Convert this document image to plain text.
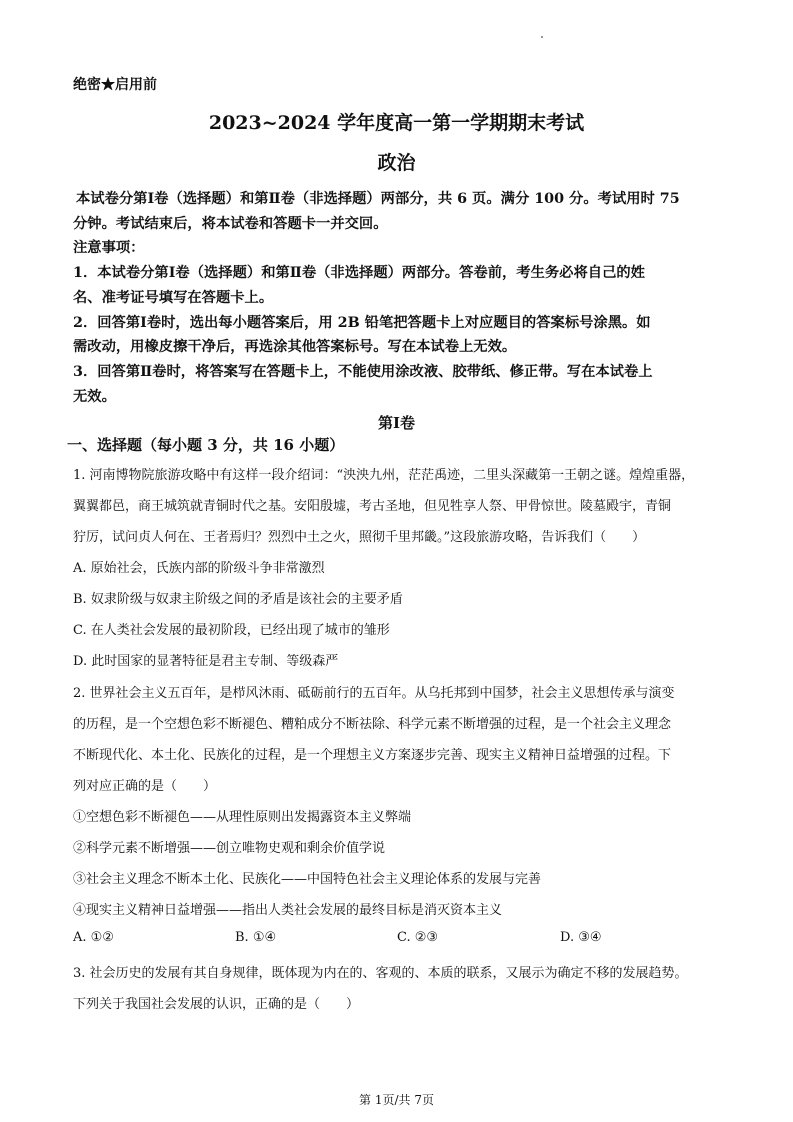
绝密★启用前
2023~2024 学年度高一第一学期期末考试
政治
本试卷分第Ⅰ卷（选择题）和第Ⅱ卷（非选择题）两部分，共 6 页。满分 100 分。考试用时 75
分钟。考试结束后，将本试卷和答题卡一并交回。
注意事项：
1．本试卷分第Ⅰ卷（选择题）和第Ⅱ卷（非选择题）两部分。答卷前，考生务必将自己的姓
名、准考证号填写在答题卡上。
2．回答第Ⅰ卷时，选出每小题答案后，用 2B 铅笔把答题卡上对应题目的答案标号涂黑。如
需改动，用橡皮擦干净后，再选涂其他答案标号。写在本试卷上无效。
3．回答第Ⅱ卷时，将答案写在答题卡上，不能使用涂改液、胶带纸、修正带。写在本试卷上
无效。
第Ⅰ卷
一、选择题（每小题 3 分，共 16 小题）
1. 河南博物院旅游攻略中有这样一段介绍词：“泱泱九州，茫茫禹迹，二里头深藏第一王朝之谜。煌煌重器，
翼翼都邑，商王城筑就青铜时代之基。安阳殷墟，考古圣地，但见牲享人祭、甲骨惊世。陵墓殿宇，青铜
狞厉，试问贞人何在、王者焉归？烈烈中土之火，照彻千里邦畿。”这段旅游攻略，告诉我们（　　）
A. 原始社会，氏族内部的阶级斗争非常激烈
B. 奴隶阶级与奴隶主阶级之间的矛盾是该社会的主要矛盾
C. 在人类社会发展的最初阶段，已经出现了城市的雏形
D. 此时国家的显著特征是君主专制、等级森严
2. 世界社会主义五百年，是栉风沐雨、砥砺前行的五百年。从乌托邦到中国梦，社会主义思想传承与演变
的历程，是一个空想色彩不断褪色、糟粕成分不断祛除、科学元素不断增强的过程，是一个社会主义理念
不断现代化、本土化、民族化的过程，是一个理想主义方案逐步完善、现实主义精神日益增强的过程。下
列对应正确的是（　　）
①空想色彩不断褪色——从理性原则出发揭露资本主义弊端
②科学元素不断增强——创立唯物史观和剩余价值学说
③社会主义理念不断本土化、民族化——中国特色社会主义理论体系的发展与完善
④现实主义精神日益增强——指出人类社会发展的最终目标是消灭资本主义
A. ①②	B. ①④	C. ②③	D. ③④
3. 社会历史的发展有其自身规律，既体现为内在的、客观的、本质的联系，又展示为确定不移的发展趋势。
下列关于我国社会发展的认识，正确的是（　　）
第 1页/共 7页
